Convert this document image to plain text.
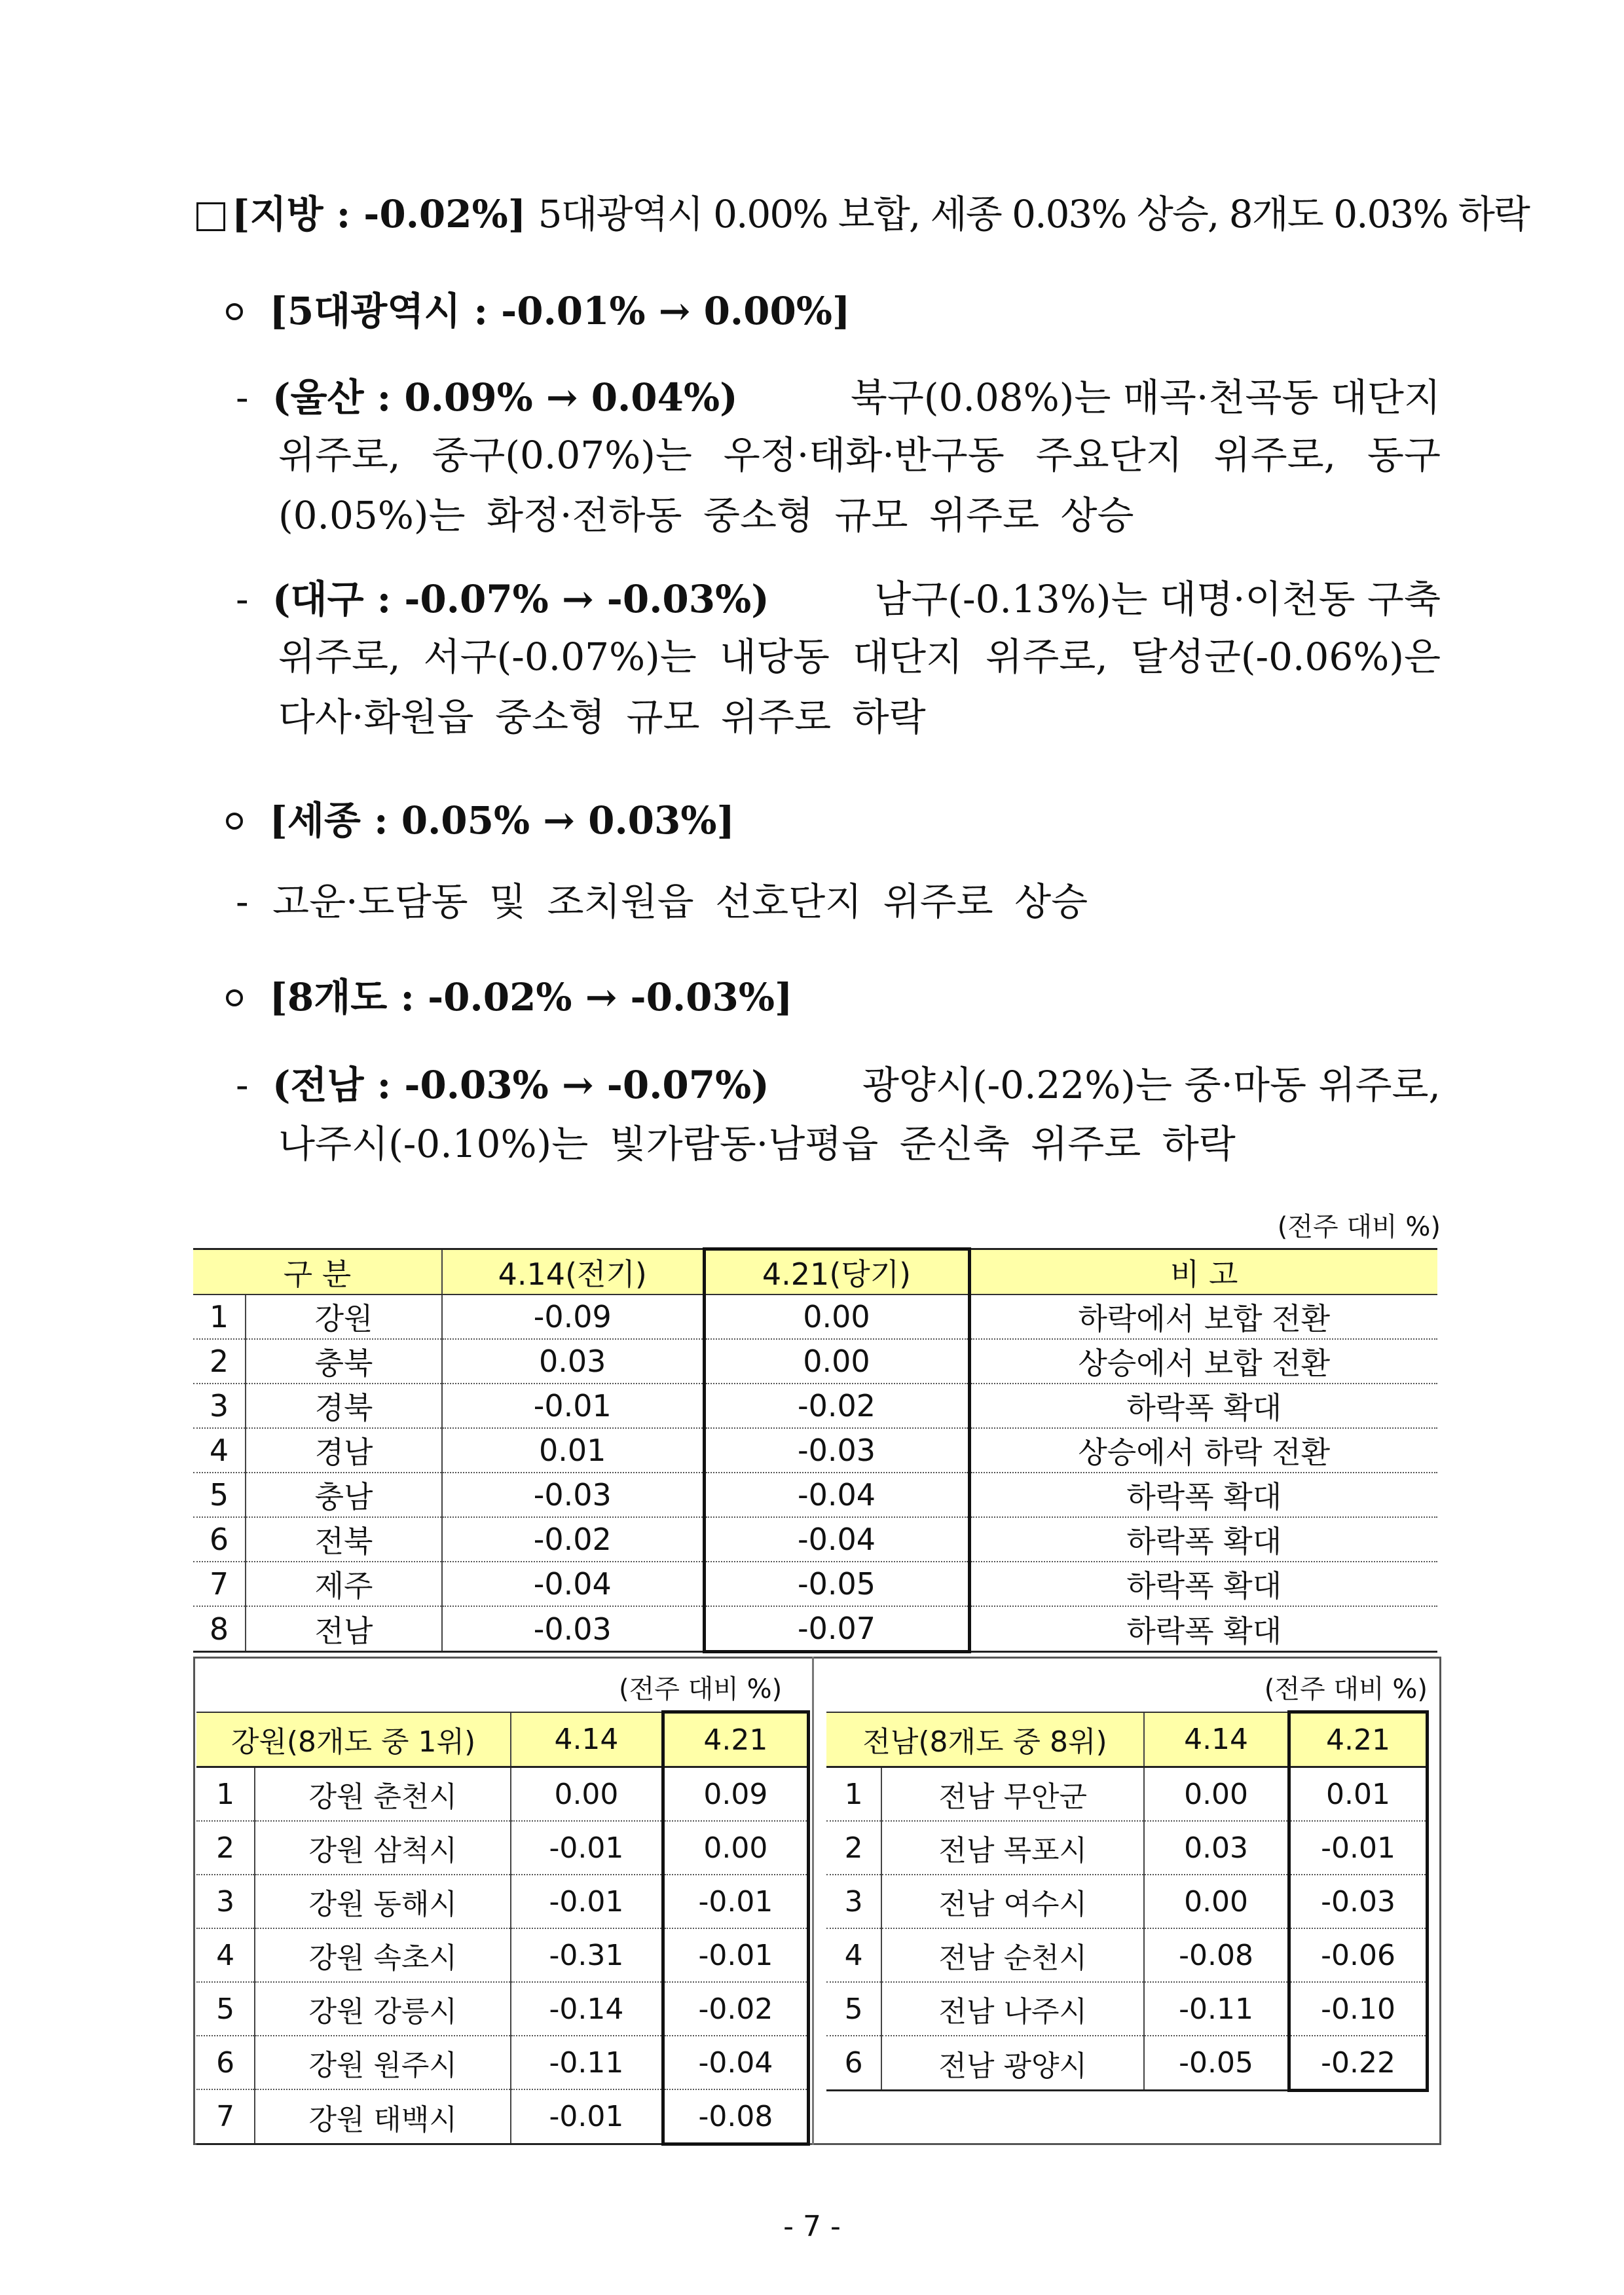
[지방 : -0.02%] 5대광역시 0.00% 보합, 세종 0.03% 상승, 8개도 0.03% 하락
[5대광역시 : -0.01% → 0.00%]
- (울산 : 0.09% → 0.04%)	북구(0.08%)는 매곡·천곡동 대단지
위주로, 중구(0.07%)는 우정·태화·반구동 주요단지 위주로, 동구
(0.05%)는 화정·전하동 중소형 규모 위주로 상승
- (대구 : -0.07% → -0.03%)	남구(-0.13%)는 대명·이천동 구축
위주로, 서구(-0.07%)는 내당동 대단지 위주로, 달성군(-0.06%)은
다사·화원읍 중소형 규모 위주로 하락
[세종 : 0.05% → 0.03%]
- 고운·도담동 및 조치원읍 선호단지 위주로 상승
[8개도 : -0.02% → -0.03%]
- (전남 : -0.03% → -0.07%) 광양시(-0.22%)는 중·마동 위주로,
나주시(-0.10%)는 빛가람동·남평읍 준신축 위주로 하락
(전주 대비 %)
구 분		4.14(전기)	4.21(당기)	비 고
1	강원	-0.09	0.00	하락에서 보합 전환
2	충북	0.03	0.00	상승에서 보합 전환
3	경북	-0.01	-0.02	하락폭 확대
4	경남	0.01	-0.03	상승에서 하락 전환
5	충남	-0.03	-0.04	하락폭 확대
6	전북	-0.02	-0.04	하락폭 확대
7	제주	-0.04	-0.05	하락폭 확대
8	전남	-0.03	-0.07	하락폭 확대
(전주 대비 %)	(전주 대비 %)
강원(8개도 중 1위)		4.14	4.21
1	강원 춘천시	0.00	0.09
2	강원 삼척시	-0.01	0.00
3	강원 동해시	-0.01	-0.01
4	강원 속초시	-0.31	-0.01
5	강원 강릉시	-0.14	-0.02
6	강원 원주시	-0.11	-0.04
7	강원 태백시	-0.01	-0.08
전남(8개도 중 8위)		4.14	4.21
1	전남 무안군	0.00	0.01
2	전남 목포시	0.03	-0.01
3	전남 여수시	0.00	-0.03
4	전남 순천시	-0.08	-0.06
5	전남 나주시	-0.11	-0.10
6	전남 광양시	-0.05	-0.22
- 7 -
